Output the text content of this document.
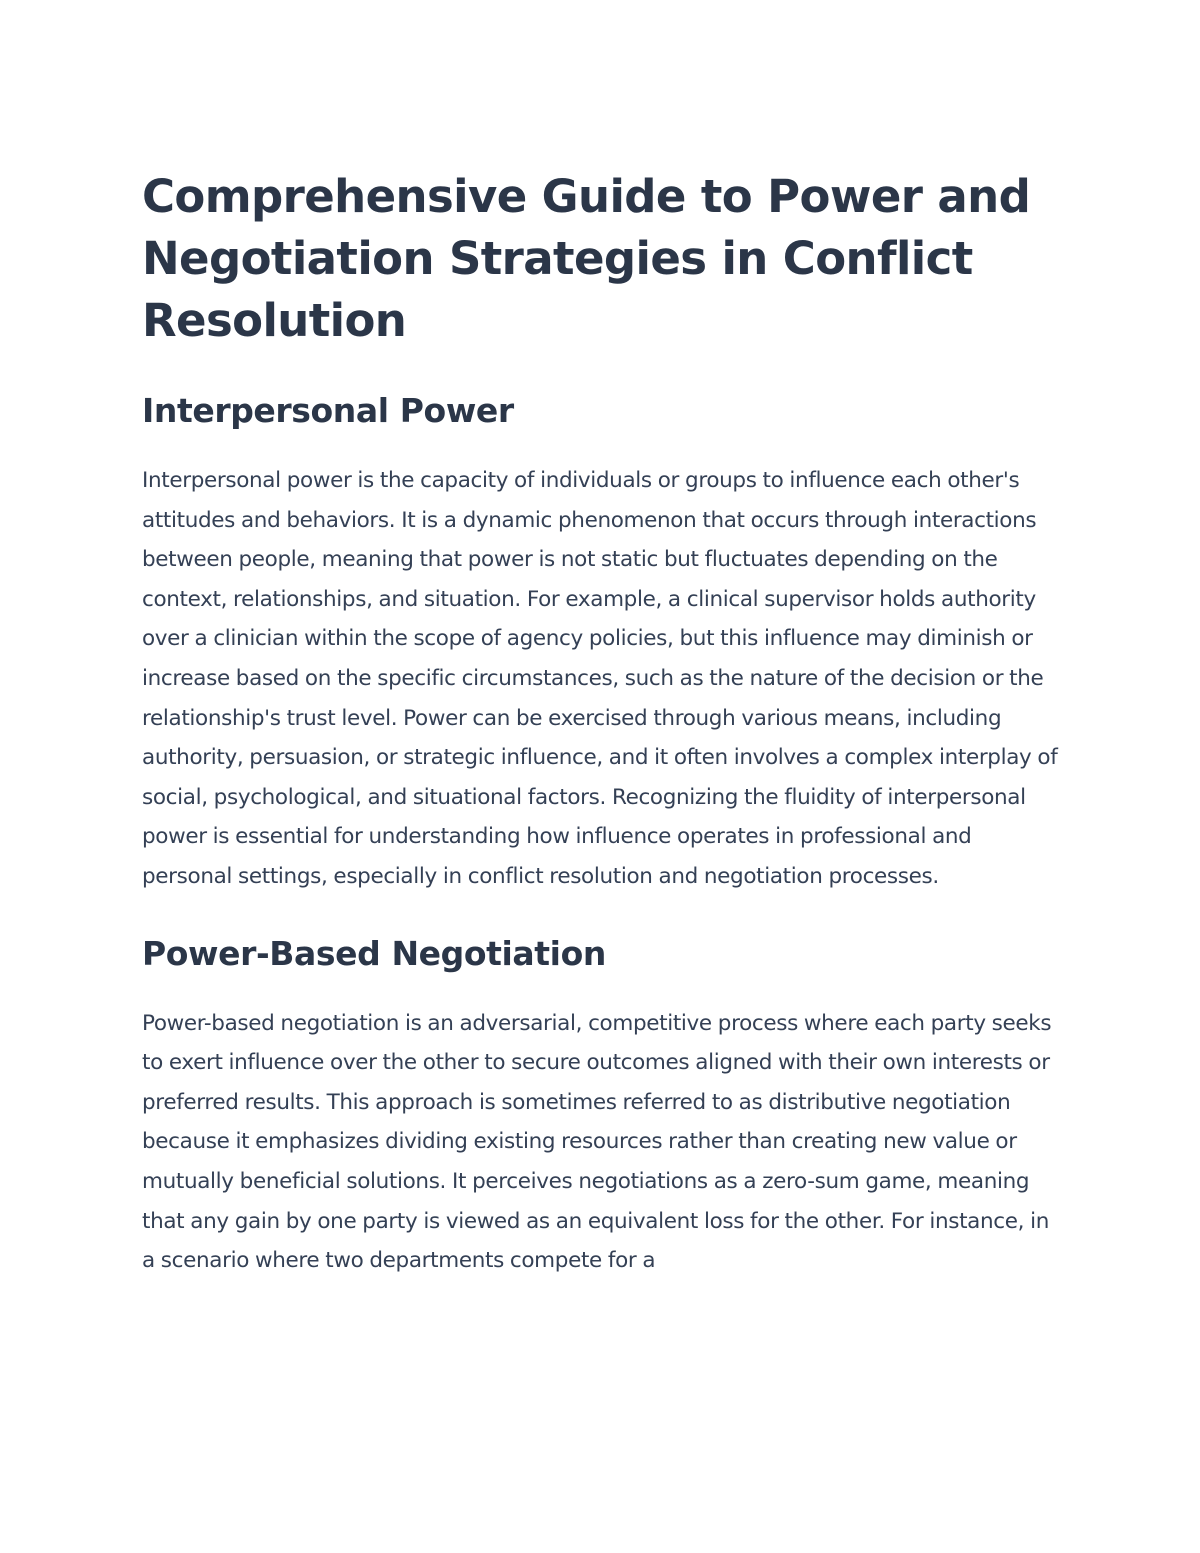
Comprehensive Guide to Power and Negotiation Strategies in Conflict Resolution
Interpersonal Power

Interpersonal power is the capacity of individuals or groups to influence each other's attitudes and behaviors. It is a dynamic phenomenon that occurs through interactions between people, meaning that power is not static but fluctuates depending on the context, relationships, and situation. For example, a clinical supervisor holds authority over a clinician within the scope of agency policies, but this influence may diminish or increase based on the specific circumstances, such as the nature of the decision or the relationship's trust level. Power can be exercised through various means, including authority, persuasion, or strategic influence, and it often involves a complex interplay of social, psychological, and situational factors. Recognizing the fluidity of interpersonal power is essential for understanding how influence operates in professional and personal settings, especially in conflict resolution and negotiation processes.

Power-Based Negotiation

Power-based negotiation is an adversarial, competitive process where each party seeks to exert influence over the other to secure outcomes aligned with their own interests or preferred results. This approach is sometimes referred to as distributive negotiation because it emphasizes dividing existing resources rather than creating new value or mutually beneficial solutions. It perceives negotiations as a zero-sum game, meaning that any gain by one party is viewed as an equivalent loss for the other. For instance, in a scenario where two departments compete for a
